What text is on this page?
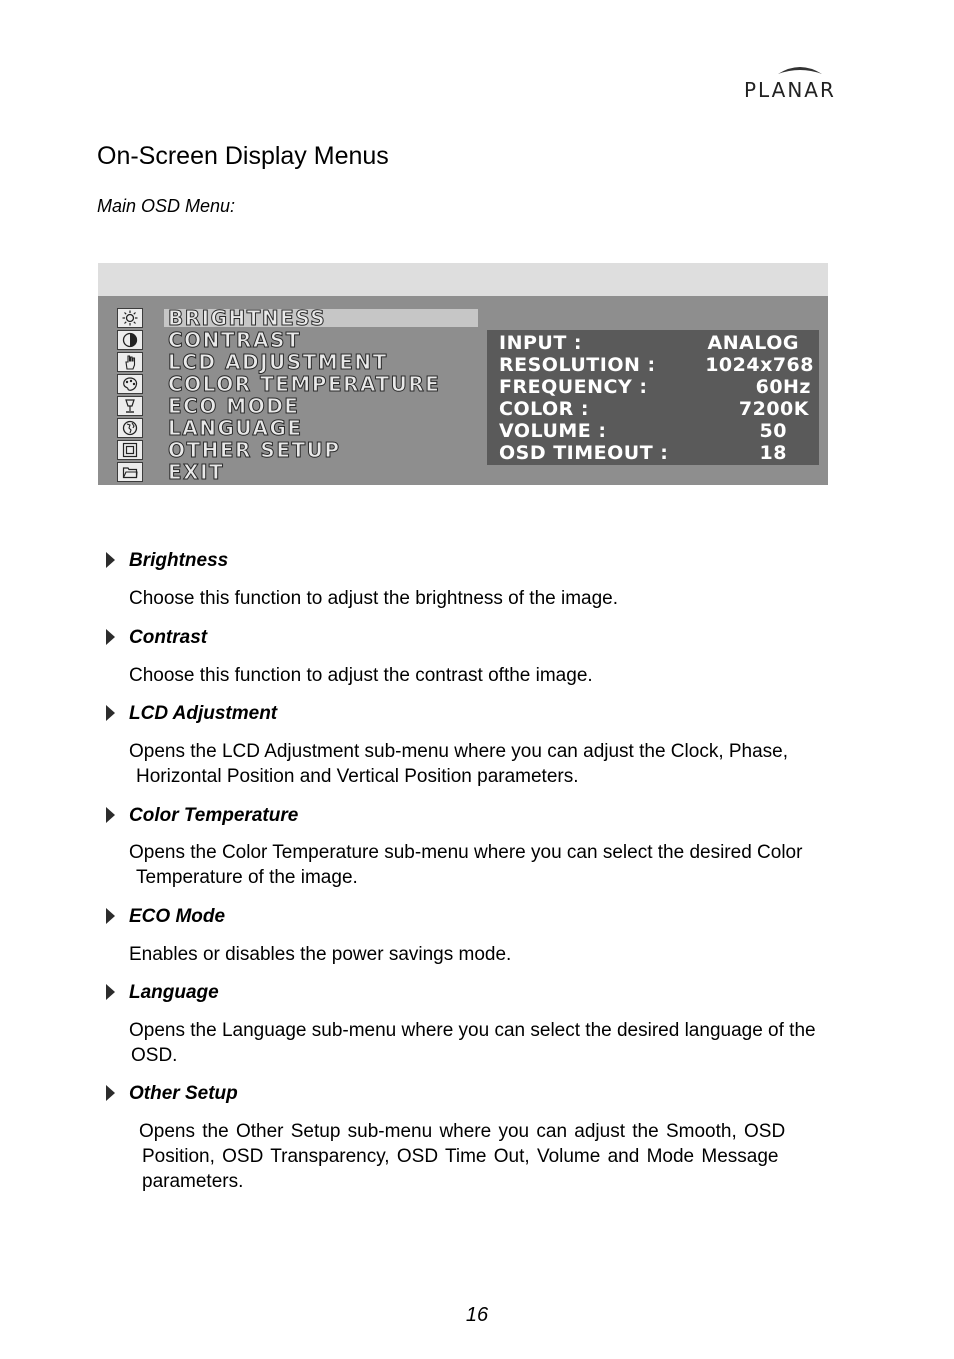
PLANAR
On-Screen Display Menus

Main OSD Menu:

BRIGHTNESS
CONTRAST
LCD ADJUSTMENT
COLOR TEMPERATURE
ECO MODE
LANGUAGE
OTHER SETUP
EXIT
INPUT :	ANALOG
RESOLUTION :	1024x768
FREQUENCY :	60Hz
COLOR :	7200K
VOLUME :	50
OSD TIMEOUT :	18
Brightness

Choose this function to adjust the brightness of the image.

Contrast

Choose this function to adjust the contrast ofthe image.

LCD Adjustment

Opens the LCD Adjustment sub-menu where you can adjust the Clock, Phase,
Horizontal Position and Vertical Position parameters.

Color Temperature

Opens the Color Temperature sub-menu where you can select the desired Color
Temperature of the image.

ECO Mode

Enables or disables the power savings mode.

Language

Opens the Language sub-menu where you can select the desired language of the
OSD.

Other Setup

Opens the Other Setup sub-menu where you can adjust the Smooth, OSD
Position, OSD Transparency, OSD Time Out, Volume and Mode Message
parameters.

16
